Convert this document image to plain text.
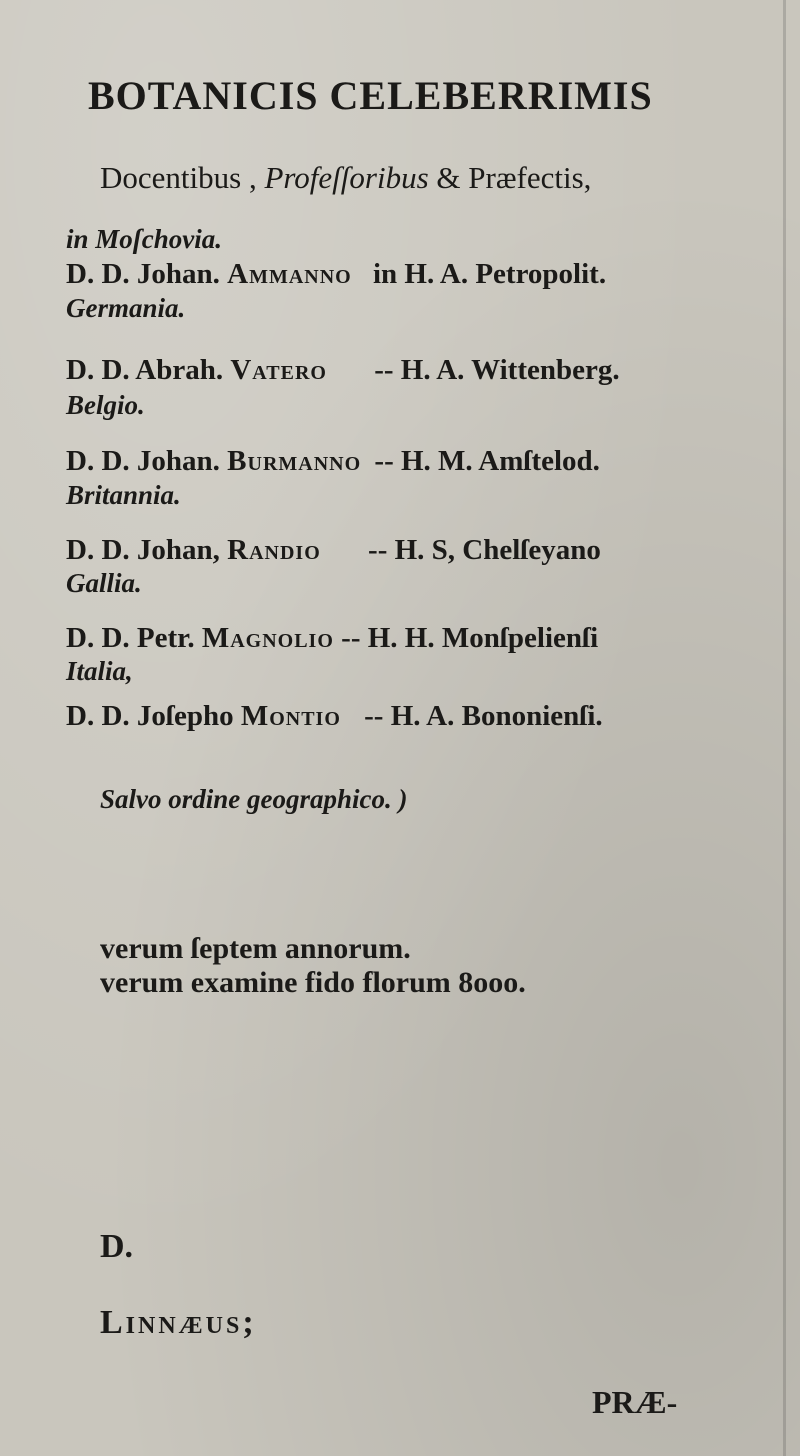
BOTANICIS CELEBERRIMIS
Docentibus , Profeſſoribus & Præfectis,
in Moſchovia.
D. D. Johan. Ammanno in H. A. Petropolit.
Germania.
D. D. Abrah. Vatero -- H. A. Wittenberg.
Belgio.
D. D. Johan. Burmanno -- H. M. Amſtelod.
Britannia.
D. D. Johan, Randio -- H. S, Chelſeyano
Gallia.
D. D. Petr. Magnolio -- H. H. Monſpelienſi
Italia,
D. D. Joſepho Montio -- H. A. Bononienſi.
Salvo ordine geographico. )
verum ſeptem annorum.
verum examine fido florum 8ooo.
D.
Linnæus;
PRÆ-
